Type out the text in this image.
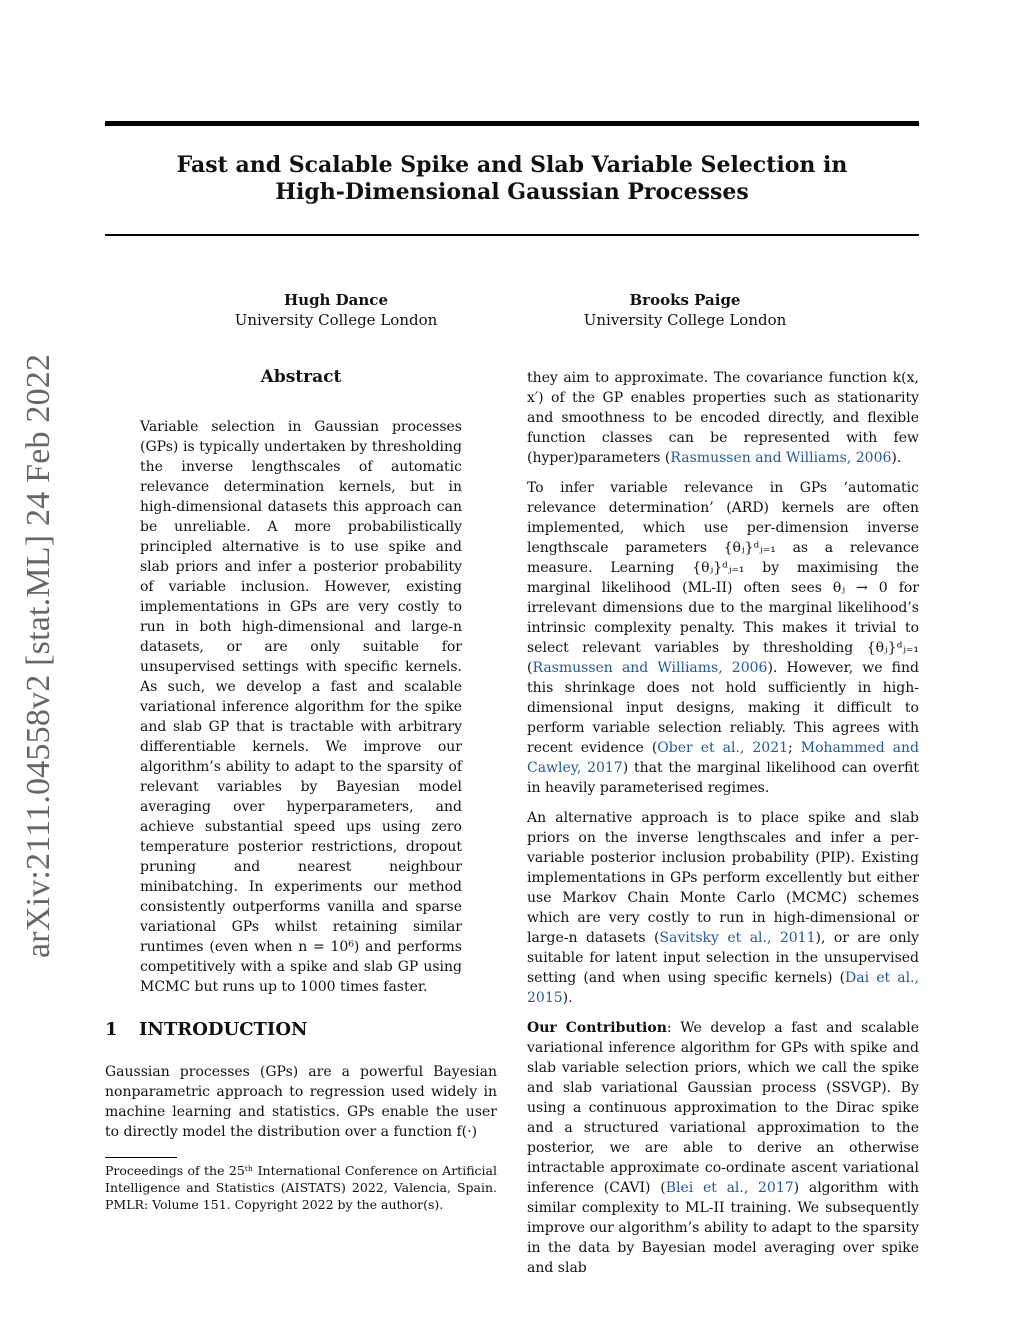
Fast and Scalable Spike and Slab Variable Selection in
High-Dimensional Gaussian Processes
Hugh Dance
University College London
Brooks Paige
University College London
arXiv:2111.04558v2 [stat.ML] 24 Feb 2022	Abstract
Variable selection in Gaussian processes (GPs) is typically undertaken by thresholding the inverse lengthscales of automatic relevance determination kernels, but in high-dimensional datasets this approach can be unreliable. A more probabilistically principled alternative is to use spike and slab priors and infer a posterior probability of variable inclusion. However, existing implementations in GPs are very costly to run in both high-dimensional and large-n datasets, or are only suitable for unsupervised settings with specific kernels. As such, we develop a fast and scalable variational inference algorithm for the spike and slab GP that is tractable with arbitrary differentiable kernels. We improve our algorithm’s ability to adapt to the sparsity of relevant variables by Bayesian model averaging over hyperparameters, and achieve substantial speed ups using zero temperature posterior restrictions, dropout pruning and nearest neighbour minibatching. In experiments our method consistently outperforms vanilla and sparse variational GPs whilst retaining similar runtimes (even when n = 10⁶) and performs competitively with a spike and slab GP using MCMC but runs up to 1000 times faster.
1 INTRODUCTION
Gaussian processes (GPs) are a powerful Bayesian nonparametric approach to regression used widely in machine learning and statistics. GPs enable the user to directly model the distribution over a function f(·)
Proceedings of the 25ᵗʰ International Conference on Artificial Intelligence and Statistics (AISTATS) 2022, Valencia, Spain. PMLR: Volume 151. Copyright 2022 by the author(s).

they aim to approximate. The covariance function k(x, x′) of the GP enables properties such as stationarity and smoothness to be encoded directly, and flexible function classes can be represented with few (hyper)parameters (Rasmussen and Williams, 2006).

To infer variable relevance in GPs ‘automatic relevance determination’ (ARD) kernels are often implemented, which use per-dimension inverse lengthscale parameters {θⱼ}ᵈⱼ₌₁ as a relevance measure. Learning {θⱼ}ᵈⱼ₌₁ by maximising the marginal likelihood (ML-II) often sees θⱼ → 0 for irrelevant dimensions due to the marginal likelihood’s intrinsic complexity penalty. This makes it trivial to select relevant variables by thresholding {θⱼ}ᵈⱼ₌₁ (Rasmussen and Williams, 2006). However, we find this shrinkage does not hold sufficiently in high-dimensional input designs, making it difficult to perform variable selection reliably. This agrees with recent evidence (Ober et al., 2021; Mohammed and Cawley, 2017) that the marginal likelihood can overfit in heavily parameterised regimes.

An alternative approach is to place spike and slab priors on the inverse lengthscales and infer a per-variable posterior inclusion probability (PIP). Existing implementations in GPs perform excellently but either use Markov Chain Monte Carlo (MCMC) schemes which are very costly to run in high-dimensional or large-n datasets (Savitsky et al., 2011), or are only suitable for latent input selection in the unsupervised setting (and when using specific kernels) (Dai et al., 2015).

Our Contribution: We develop a fast and scalable variational inference algorithm for GPs with spike and slab variable selection priors, which we call the spike and slab variational Gaussian process (SSVGP). By using a continuous approximation to the Dirac spike and a structured variational approximation to the posterior, we are able to derive an otherwise intractable approximate co-ordinate ascent variational inference (CAVI) (Blei et al., 2017) algorithm with similar complexity to ML-II training. We subsequently improve our algorithm’s ability to adapt to the sparsity in the data by Bayesian model averaging over spike and slab
